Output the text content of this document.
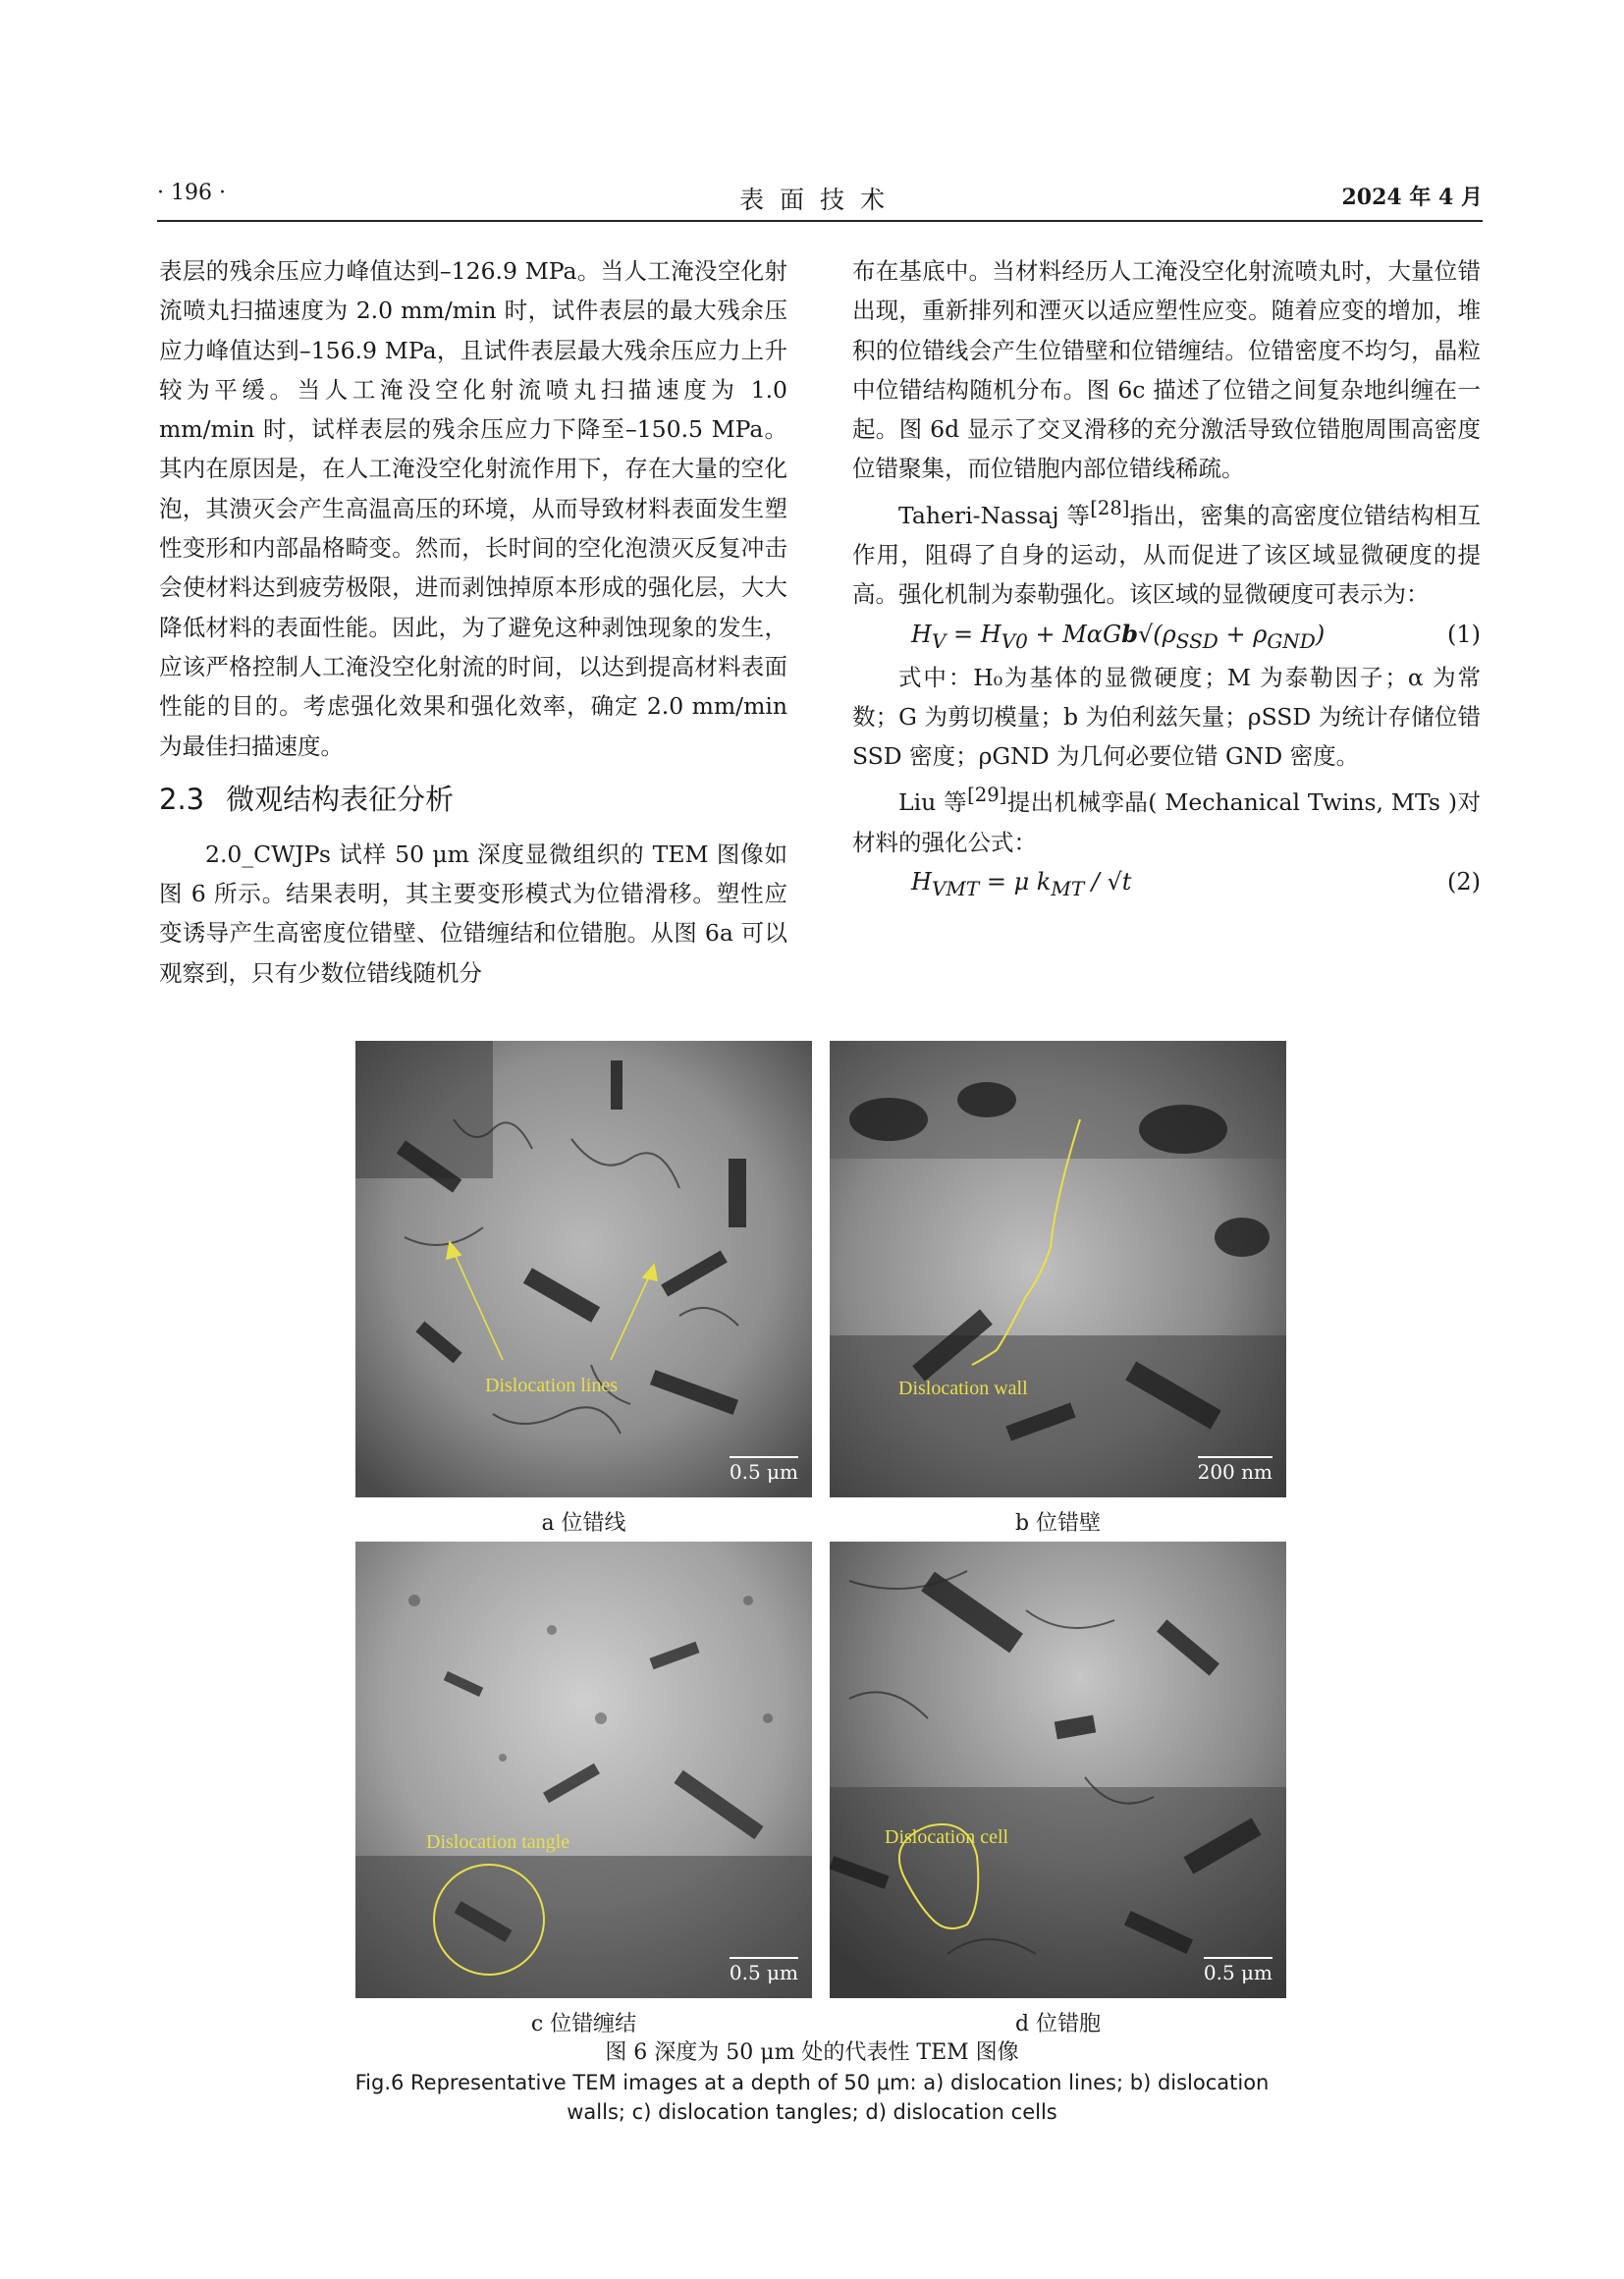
· 196 ·	表面技术	2024 年 4 月

表层的残余压应力峰值达到–126.9 MPa。当人工淹没空化射流喷丸扫描速度为 2.0 mm/min 时，试件表层的最大残余压应力峰值达到–156.9 MPa，且试件表层最大残余压应力上升较为平缓。当人工淹没空化射流喷丸扫描速度为 1.0 mm/min 时，试样表层的残余压应力下降至–150.5 MPa。其内在原因是，在人工淹没空化射流作用下，存在大量的空化泡，其溃灭会产生高温高压的环境，从而导致材料表面发生塑性变形和内部晶格畸变。然而，长时间的空化泡溃灭反复冲击会使材料达到疲劳极限，进而剥蚀掉原本形成的强化层，大大降低材料的表面性能。因此，为了避免这种剥蚀现象的发生，应该严格控制人工淹没空化射流的时间，以达到提高材料表面性能的目的。考虑强化效果和强化效率，确定 2.0 mm/min 为最佳扫描速度。

2.3 微观结构表征分析

2.0_CWJPs 试样 50 μm 深度显微组织的 TEM 图像如图 6 所示。结果表明，其主要变形模式为位错滑移。塑性应变诱导产生高密度位错壁、位错缠结和位错胞。从图 6a 可以观察到，只有少数位错线随机分

布在基底中。当材料经历人工淹没空化射流喷丸时，大量位错出现，重新排列和湮灭以适应塑性应变。随着应变的增加，堆积的位错线会产生位错壁和位错缠结。位错密度不均匀，晶粒中位错结构随机分布。图 6c 描述了位错之间复杂地纠缠在一起。图 6d 显示了交叉滑移的充分激活导致位错胞周围高密度位错聚集，而位错胞内部位错线稀疏。

Taheri-Nassaj 等[28]指出，密集的高密度位错结构相互作用，阻碍了自身的运动，从而促进了该区域显微硬度的提高。强化机制为泰勒强化。该区域的显微硬度可表示为：

$H_V = H_{V0} + M\alpha Gb√(\rho_{SSD} + \rho_{GND})$	(1)

式中：H₀为基体的显微硬度；M 为泰勒因子；α 为常数；G 为剪切模量；b 为伯利兹矢量；ρSSD 为统计存储位错 SSD 密度；ρGND 为几何必要位错 GND 密度。

Liu 等[29]提出机械孪晶( Mechanical Twins, MTs )对材料的强化公式：

$H_{VMT} = \mu$ $k_{MT} / √t$	(2)
Dislocation lines
0.5 μm
Dislocation wall
200 nm
Dislocation tangle
0.5 μm
Dislocation cell
0.5 μm
a 位错线	b 位错壁
c 位错缠结	d 位错胞
图 6 深度为 50 μm 处的代表性 TEM 图像
Fig.6 Representative TEM images at a depth of 50 μm: a) dislocation lines; b) dislocation
walls; c) dislocation tangles; d) dislocation cells
